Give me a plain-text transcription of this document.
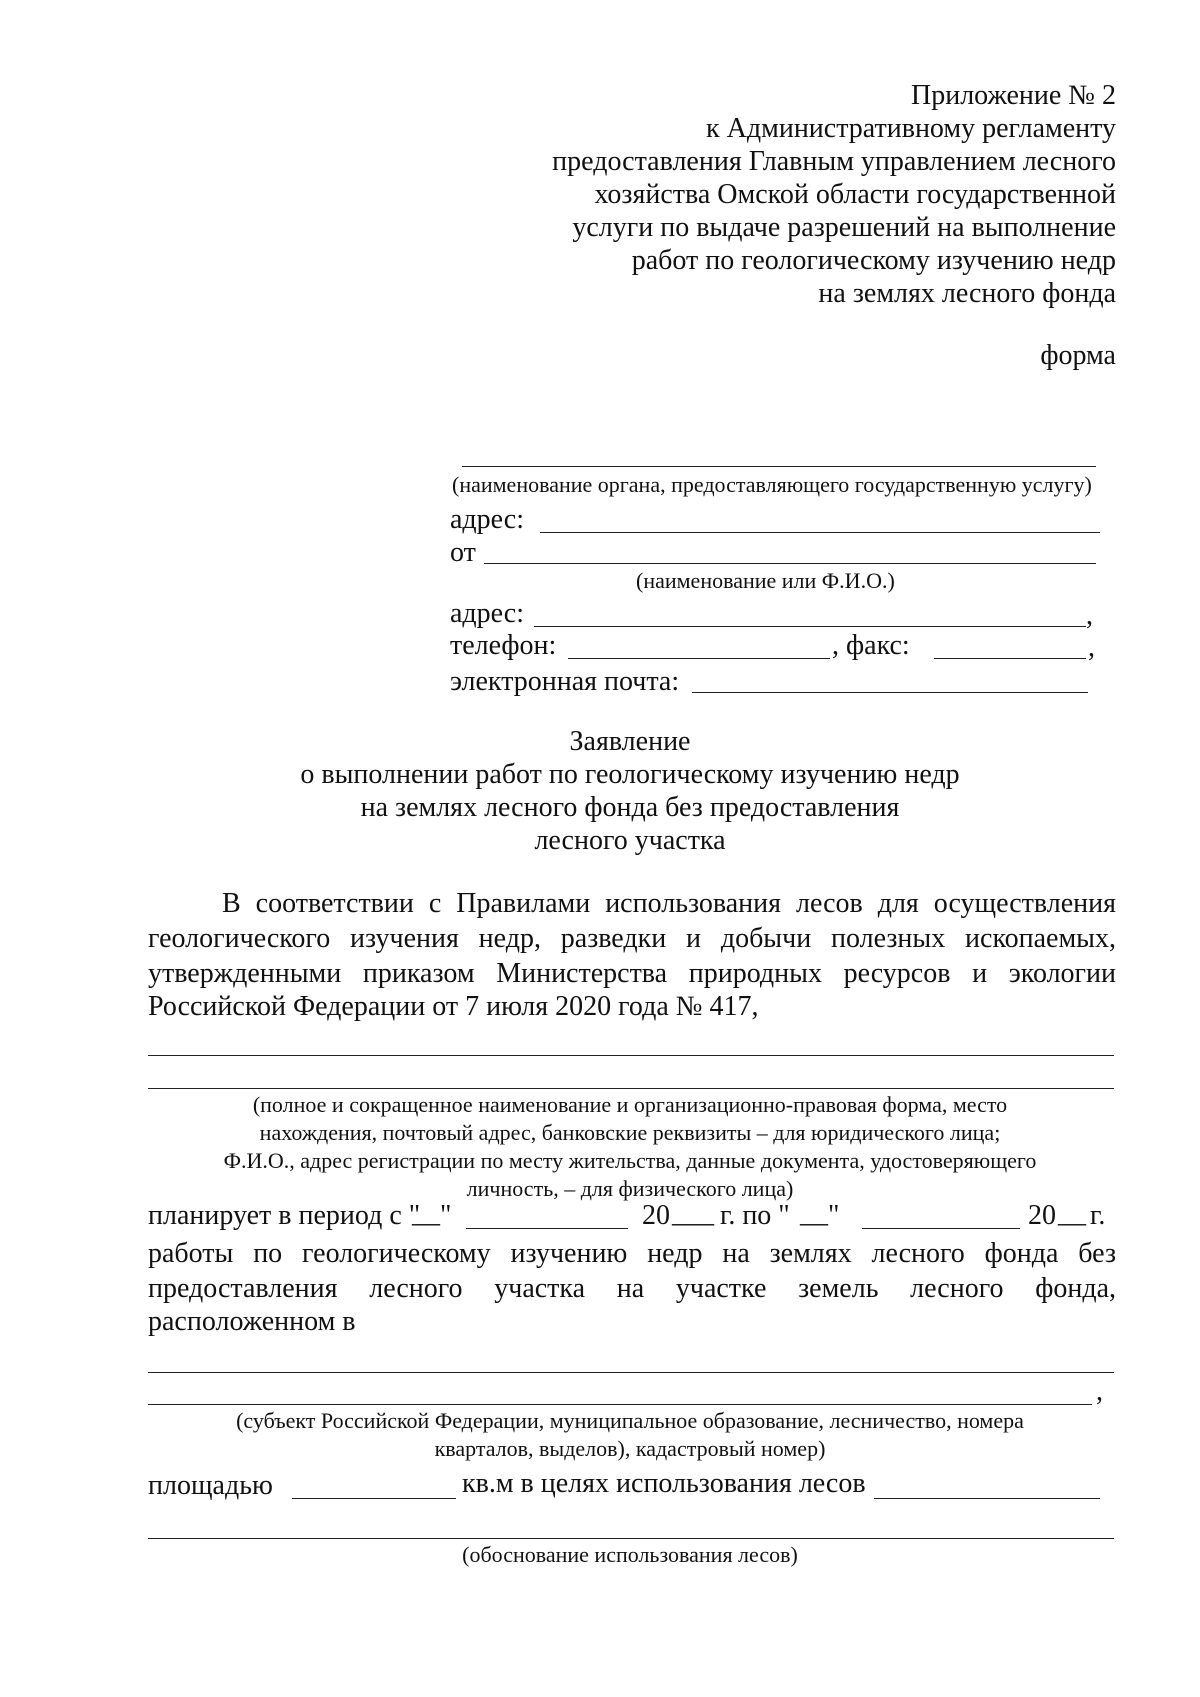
Приложение № 2
к Административному регламенту
предоставления Главным управлением лесного
хозяйства Омской области государственной
услуги по выдаче разрешений на выполнение
работ по геологическому изучению недр
на землях лесного фонда
форма
(наименование органа, предоставляющего государственную услугу)
адрес:
от
(наименование или Ф.И.О.)
адрес:	,
телефон:	, факс:	,
электронная почта:
Заявление
о выполнении работ по геологическому изучению недр
на землях лесного фонда без предоставления
лесного участка
В соответствии с Правилами использования лесов для осуществления
геологического изучения недр, разведки и добычи полезных ископаемых,
утвержденными приказом Министерства природных ресурсов и экологии
Российской Федерации от 7 июля 2020 года № 417,
(полное и сокращенное наименование и организационно-правовая форма, место
нахождения, почтовый адрес, банковские реквизиты – для юридического лица;
Ф.И.О., адрес регистрации по месту жительства, данные документа, удостоверяющего
личность, – для физического лица)
планирует в период с "
__ "	20 ___ г. по " __ "	20 __ г.
работы по геологическому изучению недр на землях лесного фонда без
предоставления лесного участка на участке земель лесного фонда,
расположенном в
,
(субъект Российской Федерации, муниципальное образование, лесничество, номера
кварталов, выделов), кадастровый номер)
площадью	кв.м в целях использования лесов
(обоснование использования лесов)
